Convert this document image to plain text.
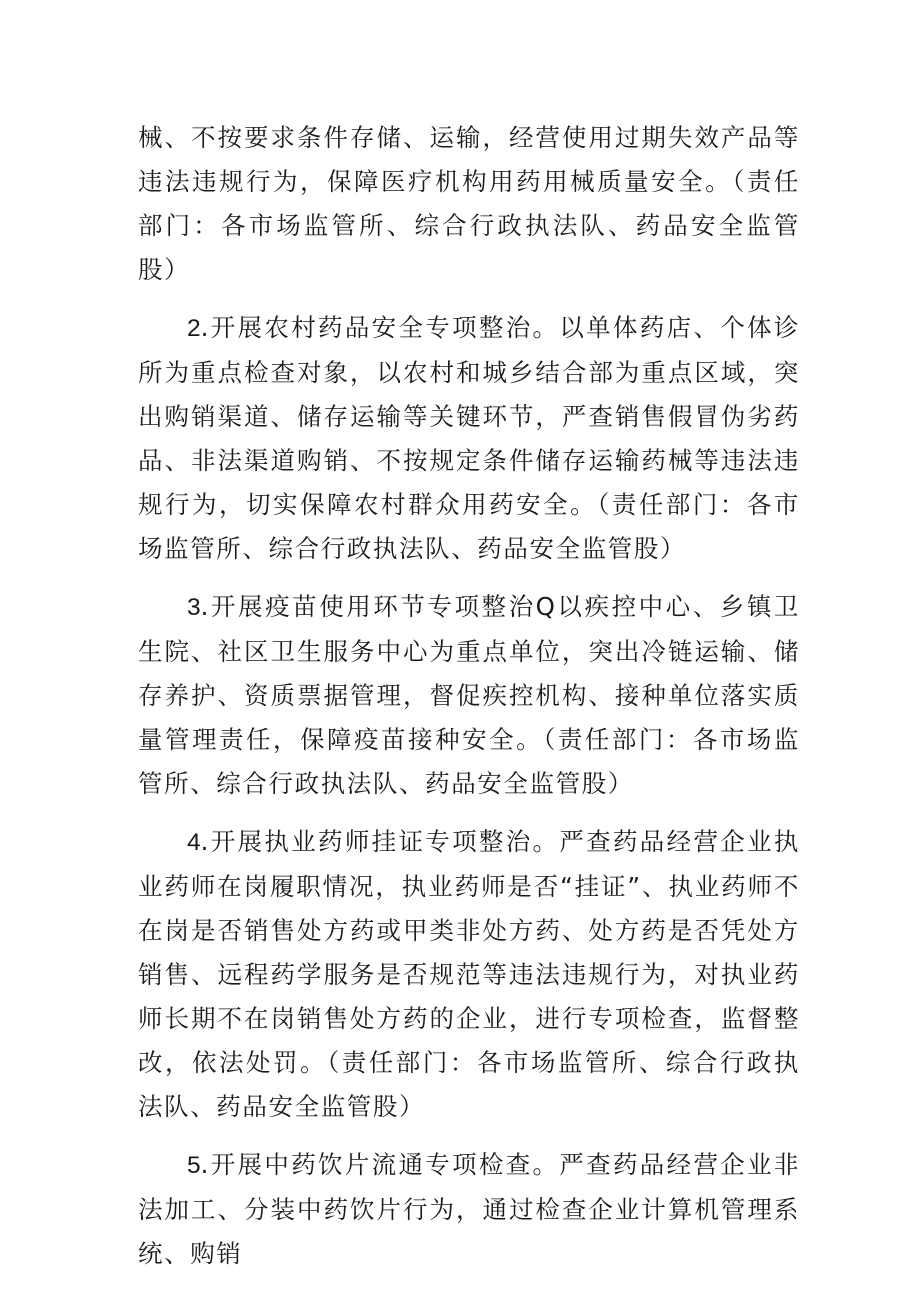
械、不按要求条件存储、运输，经营使用过期失效产品等违法违规行为，保障医疗机构用药用械质量安全。（责任部门：各市场监管所、综合行政执法队、药品安全监管股）

2.开展农村药品安全专项整治。以单体药店、个体诊所为重点检查对象，以农村和城乡结合部为重点区域，突出购销渠道、储存运输等关键环节，严查销售假冒伪劣药品、非法渠道购销、不按规定条件储存运输药械等违法违规行为，切实保障农村群众用药安全。（责任部门：各市场监管所、综合行政执法队、药品安全监管股）

3.开展疫苗使用环节专项整治Q以疾控中心、乡镇卫生院、社区卫生服务中心为重点单位，突出冷链运输、储存养护、资质票据管理，督促疾控机构、接种单位落实质量管理责任，保障疫苗接种安全。（责任部门：各市场监管所、综合行政执法队、药品安全监管股）

4.开展执业药师挂证专项整治。严查药品经营企业执业药师在岗履职情况，执业药师是否“挂证”、执业药师不在岗是否销售处方药或甲类非处方药、处方药是否凭处方销售、远程药学服务是否规范等违法违规行为，对执业药师长期不在岗销售处方药的企业，进行专项检查，监督整改，依法处罚。（责任部门：各市场监管所、综合行政执法队、药品安全监管股）

5.开展中药饮片流通专项检查。严查药品经营企业非法加工、分装中药饮片行为，通过检查企业计算机管理系统、购销
